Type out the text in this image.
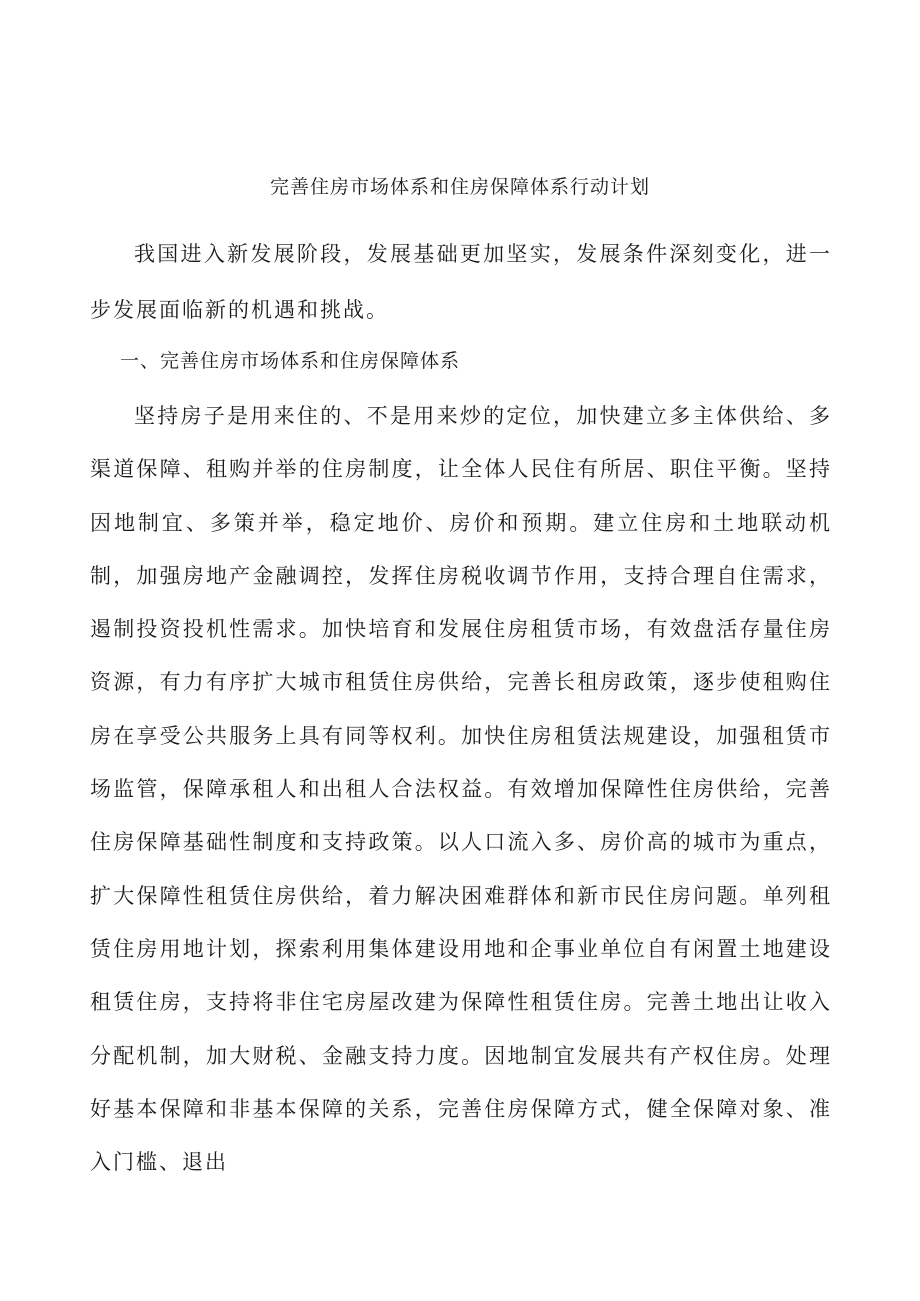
完善住房市场体系和住房保障体系行动计划

我国进入新发展阶段，发展基础更加坚实，发展条件深刻变化，进一步发展面临新的机遇和挑战。

一、完善住房市场体系和住房保障体系

坚持房子是用来住的、不是用来炒的定位，加快建立多主体供给、多渠道保障、租购并举的住房制度，让全体人民住有所居、职住平衡。坚持因地制宜、多策并举，稳定地价、房价和预期。建立住房和土地联动机制，加强房地产金融调控，发挥住房税收调节作用，支持合理自住需求，遏制投资投机性需求。加快培育和发展住房租赁市场，有效盘活存量住房资源，有力有序扩大城市租赁住房供给，完善长租房政策，逐步使租购住房在享受公共服务上具有同等权利。加快住房租赁法规建设，加强租赁市场监管，保障承租人和出租人合法权益。有效增加保障性住房供给，完善住房保障基础性制度和支持政策。以人口流入多、房价高的城市为重点，扩大保障性租赁住房供给，着力解决困难群体和新市民住房问题。单列租赁住房用地计划，探索利用集体建设用地和企事业单位自有闲置土地建设租赁住房，支持将非住宅房屋改建为保障性租赁住房。完善土地出让收入分配机制，加大财税、金融支持力度。因地制宜发展共有产权住房。处理好基本保障和非基本保障的关系，完善住房保障方式，健全保障对象、准入门槛、退出
